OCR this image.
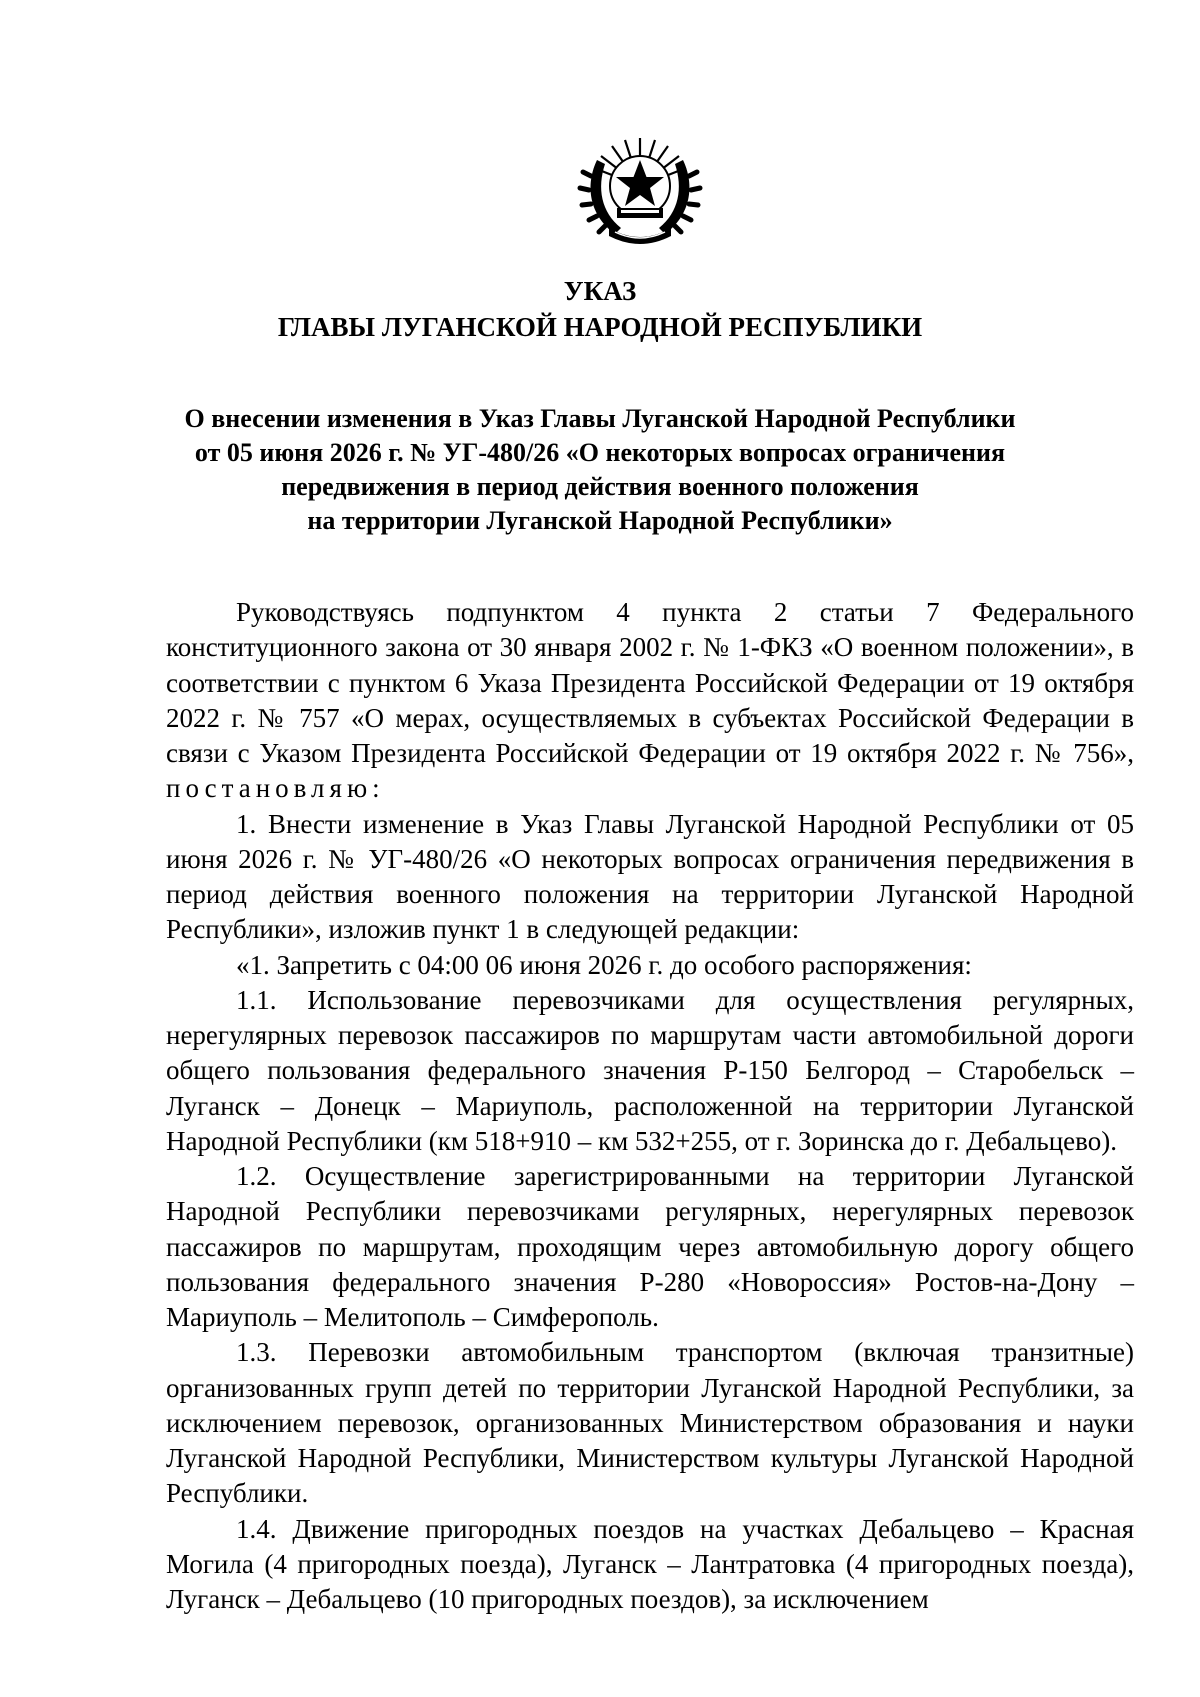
УКАЗ
ГЛАВЫ ЛУГАНСКОЙ НАРОДНОЙ РЕСПУБЛИКИ
О внесении изменения в Указ Главы Луганской Народной Республики
от 05 июня 2026 г. № УГ-480/26 «О некоторых вопросах ограничения
передвижения в период действия военного положения
на территории Луганской Народной Республики»

Руководствуясь подпунктом 4 пункта 2 статьи 7 Федерального конституционного закона от 30 января 2002 г. № 1-ФКЗ «О военном положении», в соответствии с пунктом 6 Указа Президента Российской Федерации от 19 октября 2022 г. № 757 «О мерах, осуществляемых в субъектах Российской Федерации в связи с Указом Президента Российской Федерации от 19 октября 2022 г. № 756», постановляю:

1. Внести изменение в Указ Главы Луганской Народной Республики от 05 июня 2026 г. № УГ-480/26 «О некоторых вопросах ограничения передвижения в период действия военного положения на территории Луганской Народной Республики», изложив пункт 1 в следующей редакции:

«1. Запретить с 04:00 06 июня 2026 г. до особого распоряжения:

1.1. Использование перевозчиками для осуществления регулярных, нерегулярных перевозок пассажиров по маршрутам части автомобильной дороги общего пользования федерального значения Р-150 Белгород – Старобельск – Луганск – Донецк – Мариуполь, расположенной на территории Луганской Народной Республики (км 518+910 – км 532+255, от г. Зоринска до г. Дебальцево).

1.2. Осуществление зарегистрированными на территории Луганской Народной Республики перевозчиками регулярных, нерегулярных перевозок пассажиров по маршрутам, проходящим через автомобильную дорогу общего пользования федерального значения Р-280 «Новороссия» Ростов-на-Дону – Мариуполь – Мелитополь – Симферополь.

1.3. Перевозки автомобильным транспортом (включая транзитные) организованных групп детей по территории Луганской Народной Республики, за исключением перевозок, организованных Министерством образования и науки Луганской Народной Республики, Министерством культуры Луганской Народной Республики.

1.4. Движение пригородных поездов на участках Дебальцево – Красная Могила (4 пригородных поезда), Луганск – Лантратовка (4 пригородных поезда), Луганск – Дебальцево (10 пригородных поездов), за исключением
